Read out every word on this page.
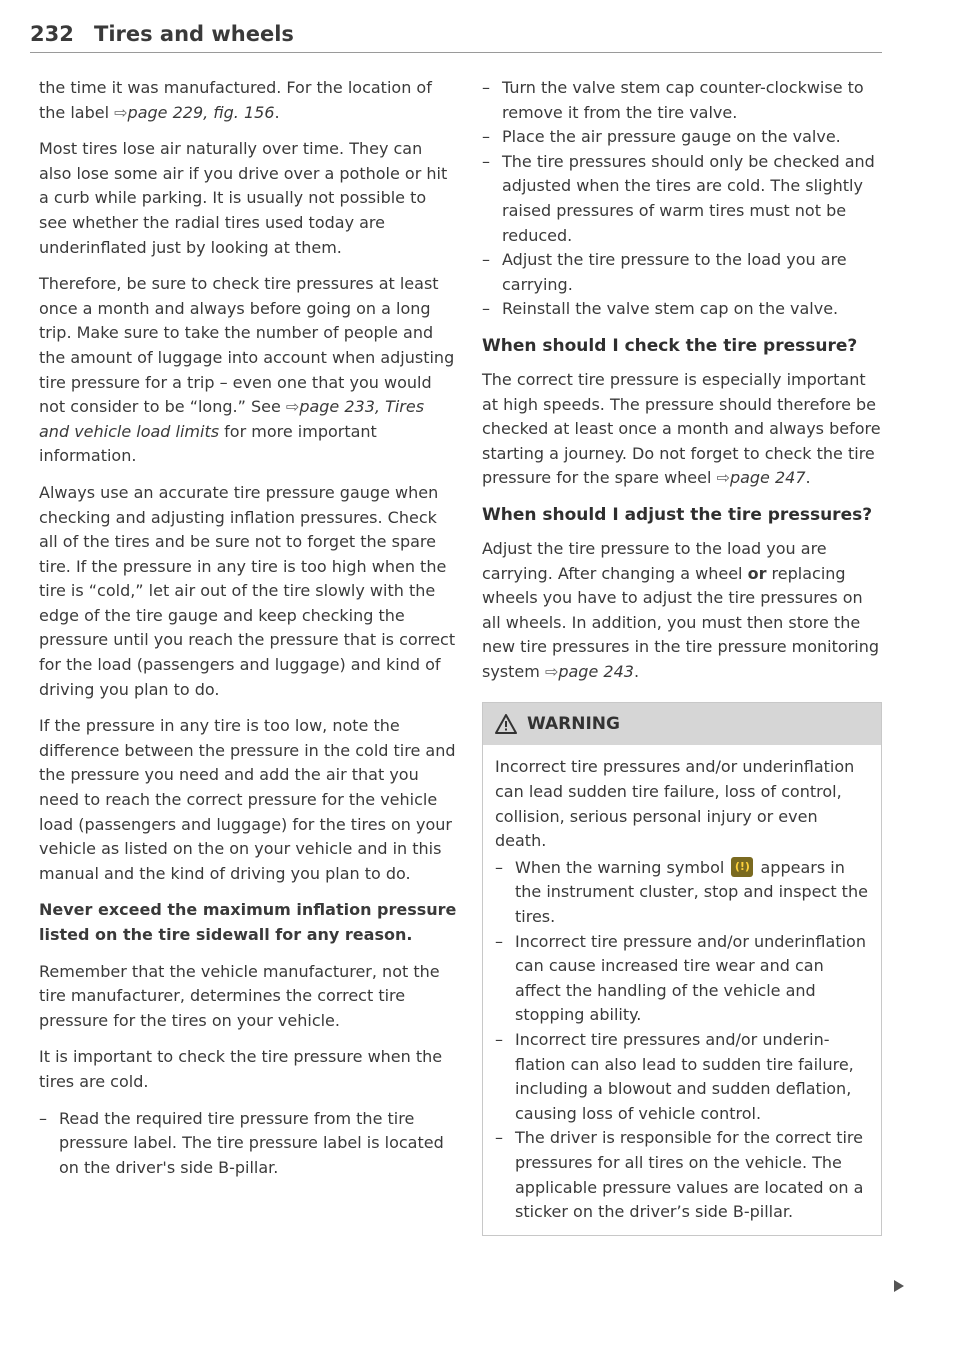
232 Tires and wheels

the time it was manufactured. For the location of the label ⇨page 229, fig. 156.

Most tires lose air naturally over time. They can also lose some air if you drive over a pothole or hit a curb while parking. It is usually not possible to see whether the radial tires used today are underinflated just by looking at them.

Therefore, be sure to check tire pressures at least once a month and always before going on a long trip. Make sure to take the number of people and the amount of luggage into account when adjusting tire pressure for a trip – even one that you would not consider to be “long.” See ⇨page 233, Tires and vehicle load limits for more important information.

Always use an accurate tire pressure gauge when checking and adjusting inflation pressures. Check all of the tires and be sure not to forget the spare tire. If the pressure in any tire is too high when the tire is “cold,” let air out of the tire slowly with the edge of the tire gauge and keep checking the pressure until you reach the pressure that is correct for the load (passengers and luggage) and kind of driving you plan to do.

If the pressure in any tire is too low, note the difference between the pressure in the cold tire and the pressure you need and add the air that you need to reach the correct pressure for the vehicle load (passengers and luggage) for the tires on your vehicle as listed on the on your vehicle and in this manual and the kind of driving you plan to do.

Never exceed the maximum inflation pressure listed on the tire sidewall for any reason.

Remember that the vehicle manufacturer, not the tire manufacturer, determines the correct tire pressure for the tires on your vehicle.

It is important to check the tire pressure when the tires are cold.

– Read the required tire pressure from the tire pressure label. The tire pressure label is located on the driver's side B-pillar.
– Turn the valve stem cap counter-clockwise to remove it from the tire valve.
– Place the air pressure gauge on the valve.
– The tire pressures should only be checked and adjusted when the tires are cold. The slightly raised pressures of warm tires must not be reduced.
– Adjust the tire pressure to the load you are carrying.
– Reinstall the valve stem cap on the valve.
When should I check the tire pressure?

The correct tire pressure is especially important at high speeds. The pressure should therefore be checked at least once a month and always before starting a journey. Do not forget to check the tire pressure for the spare wheel ⇨page 247.

When should I adjust the tire pressures?

Adjust the tire pressure to the load you are carrying. After changing a wheel or replacing wheels you have to adjust the tire pressures on all wheels. In addition, you must then store the new tire pressures in the tire pressure monitoring system ⇨page 243.

WARNING

Incorrect tire pressures and/or underinflation can lead sudden tire failure, loss of control, collision, serious personal injury or even death.

– When the warning symbol (!) appears in the instrument cluster, stop and inspect the tires.
– Incorrect tire pressure and/or underinflation can cause increased tire wear and can affect the handling of the vehicle and stopping ability.
– Incorrect tire pressures and/or underinflation can also lead to sudden tire failure, including a blowout and sudden deflation, causing loss of vehicle control.
– The driver is responsible for the correct tire pressures for all tires on the vehicle. The applicable pressure values are located on a sticker on the driver’s side B-pillar.
